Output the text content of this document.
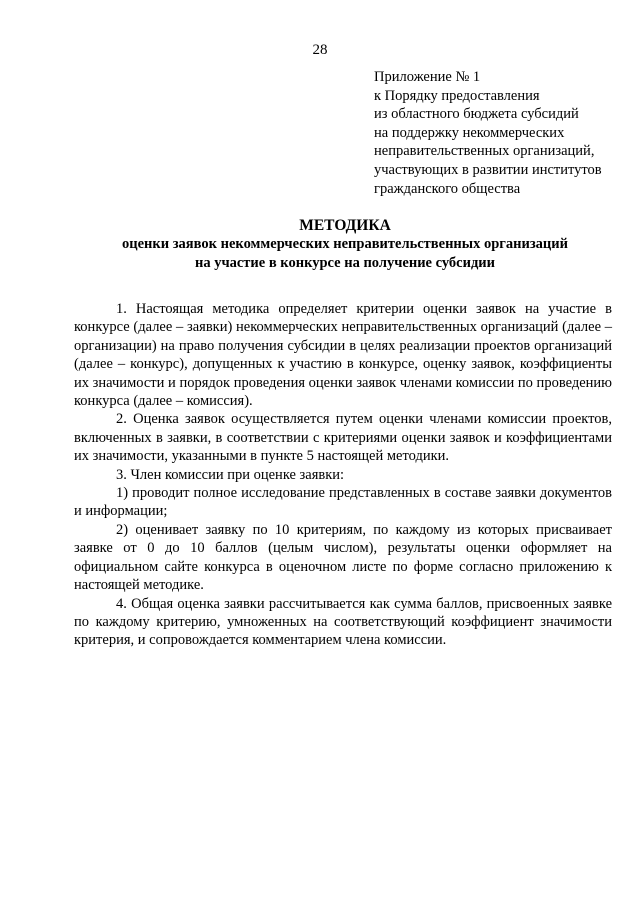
28
Приложение № 1
к Порядку предоставления
из областного бюджета субсидий
на поддержку некоммерческих
неправительственных организаций,
участвующих в развитии институтов
гражданского общества
МЕТОДИКА
оценки заявок некоммерческих неправительственных организаций
на участие в конкурсе на получение субсидии

1. Настоящая методика определяет критерии оценки заявок на участие в конкурсе (далее – заявки) некоммерческих неправительственных организаций (далее – организации) на право получения субсидии в целях реализации проектов организаций (далее – конкурс), допущенных к участию в конкурсе, оценку заявок, коэффициенты их значимости и порядок проведения оценки заявок членами комиссии по проведению конкурса (далее – комиссия).

2. Оценка заявок осуществляется путем оценки членами комиссии проектов, включенных в заявки, в соответствии с критериями оценки заявок и коэффициентами их значимости, указанными в пункте 5 настоящей методики.

3. Член комиссии при оценке заявки:

1) проводит полное исследование представленных в составе заявки документов и информации;

2) оценивает заявку по 10 критериям, по каждому из которых присваивает заявке от 0 до 10 баллов (целым числом), результаты оценки оформляет на официальном сайте конкурса в оценочном листе по форме согласно приложению к настоящей методике.

4. Общая оценка заявки рассчитывается как сумма баллов, присвоенных заявке по каждому критерию, умноженных на соответствующий коэффициент значимости критерия, и сопровождается комментарием члена комиссии.
